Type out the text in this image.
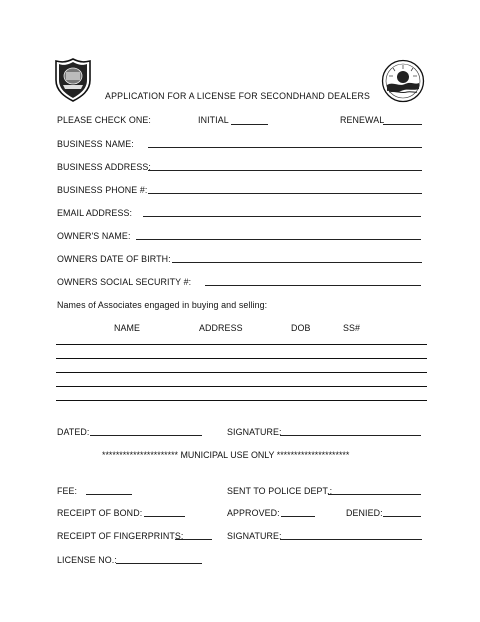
APPLICATION FOR A LICENSE FOR SECONDHAND DEALERS
PLEASE CHECK ONE:	INITIAL	RENEWAL
BUSINESS NAME:
BUSINESS ADDRESS:
BUSINESS PHONE #:
EMAIL ADDRESS:
OWNER'S NAME:
OWNERS DATE OF BIRTH:
OWNERS SOCIAL SECURITY #:
Names of Associates engaged in buying and selling:
NAME	ADDRESS	DOB	SS#
DATED:	SIGNATURE:
********************** MUNICIPAL USE ONLY *********************
FEE:	SENT TO POLICE DEPT.:
RECEIPT OF BOND:	APPROVED:	DENIED:
RECEIPT OF FINGERPRINTS:	SIGNATURE:
LICENSE NO.:
